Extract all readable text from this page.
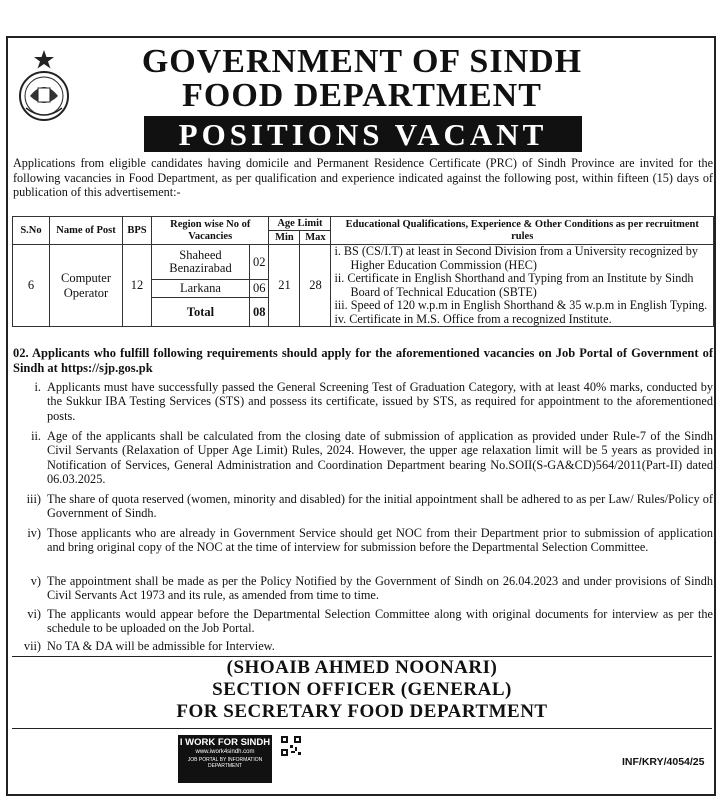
GOVERNMENT OF SINDH
FOOD DEPARTMENT
POSITIONS VACANT
Applications from eligible candidates having domicile and Permanent Residence Certificate (PRC) of Sindh Province are invited for the following vacancies in Food Department, as per qualification and experience indicated against the following post, within fifteen (15) days of publication of this advertisement:-
S.No	Name of Post	BPS	Region wise No of Vacancies		Age Limit		Educational Qualifications, Experience & Other Conditions as per recruitment rules
					Min	Max	
6	Computer Operator	12	Shaheed Benazirabad	02	21	28	i. BS (CS/I.T) at least in Second Division from a University recognized by Higher Education Commission (HEC)
ii. Certificate in English Shorthand and Typing from an Institute by Sindh Board of Technical Education (SBTE)
iii. Speed of 120 w.p.m in English Shorthand & 35 w.p.m in English Typing.
iv. Certificate in M.S. Office from a recognized Institute.

			Larkana	06			
			Total	08			
02. Applicants who fulfill following requirements should apply for the aforementioned vacancies on Job Portal of Government of Sindh at https://sjp.gos.pk
i. Applicants must have successfully passed the General Screening Test of Graduation Category, with at least 40% marks, conducted by the Sukkur IBA Testing Services (STS) and possess its certificate, issued by STS, as required for appointment to the aforementioned posts.
ii. Age of the applicants shall be calculated from the closing date of submission of application as provided under Rule-7 of the Sindh Civil Servants (Relaxation of Upper Age Limit) Rules, 2024. However, the upper age relaxation limit will be 5 years as provided in Notification of Services, General Administration and Coordination Department bearing No.SOII(S-GA&CD)564/2011(Part-II) dated 06.03.2025.
iii) The share of quota reserved (women, minority and disabled) for the initial appointment shall be adhered to as per Law/ Rules/Policy of Government of Sindh.
iv) Those applicants who are already in Government Service should get NOC from their Department prior to submission of application and bring original copy of the NOC at the time of interview for submission before the Departmental Selection Committee.
v) The appointment shall be made as per the Policy Notified by the Government of Sindh on 26.04.2023 and under provisions of Sindh Civil Servants Act 1973 and its rule, as amended from time to time.
vi) The applicants would appear before the Departmental Selection Committee along with original documents for interview as per the schedule to be uploaded on the Job Portal.
vii) No TA & DA will be admissible for Interview.
(SHOAIB AHMED NOONARI)
SECTION OFFICER (GENERAL)
FOR SECRETARY FOOD DEPARTMENT
I WORK FOR SINDH
www.iwork4sindh.com
JOB PORTAL BY INFORMATION DEPARTMENT	INF/KRY/4054/25
